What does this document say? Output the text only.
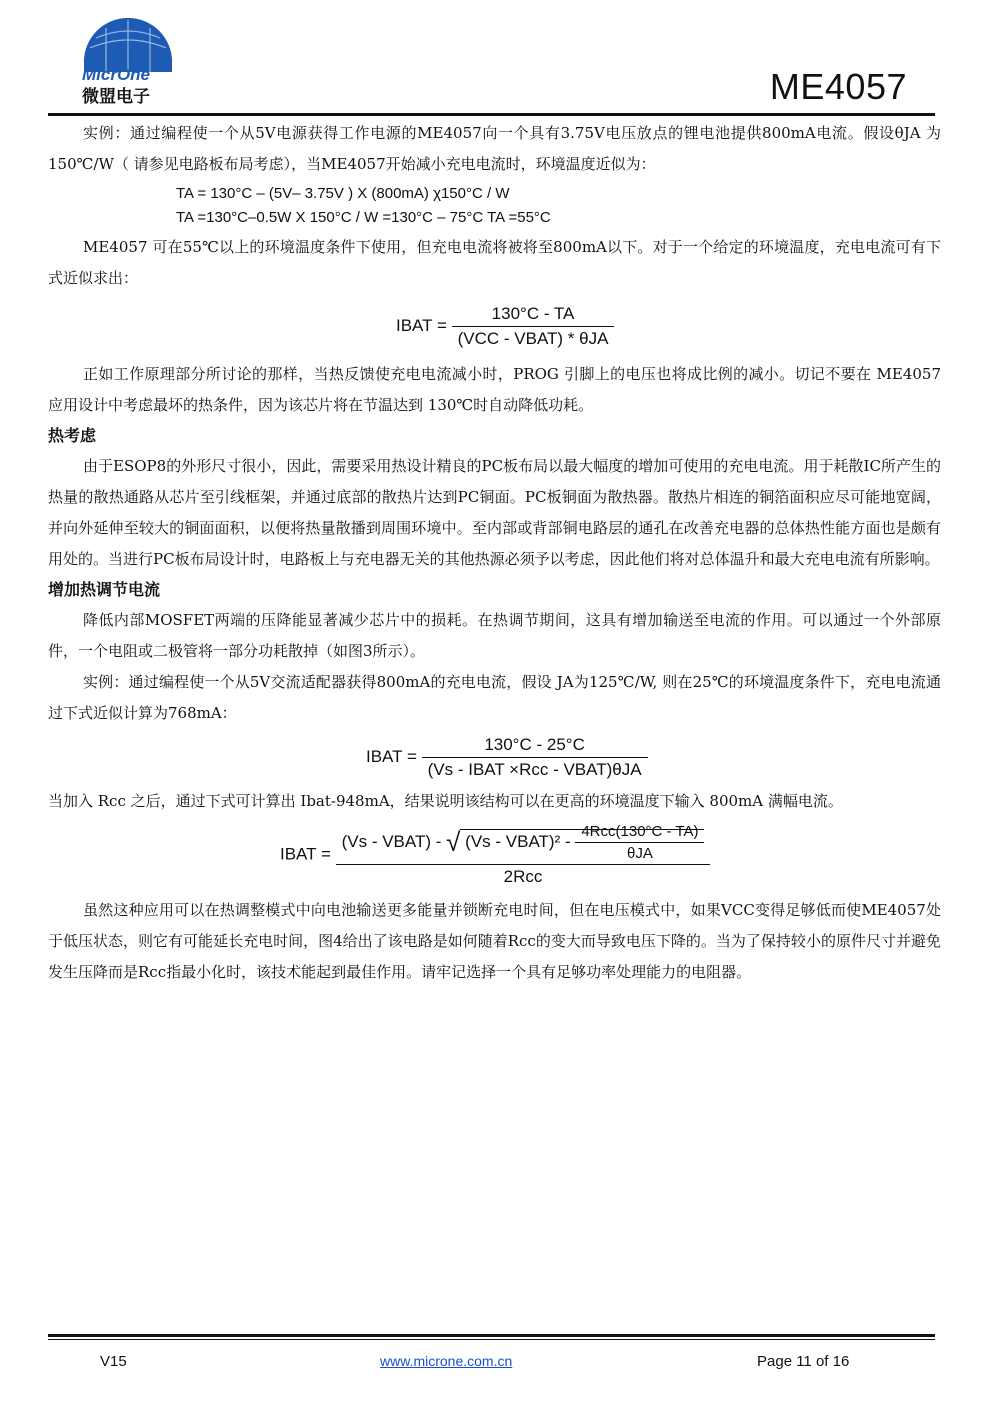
MicrOne
微盟电子	ME4057

实例：通过编程使一个从5V电源获得工作电源的ME4057向一个具有3.75V电压放点的锂电池提供800mA电流。假设θJA 为150℃/W（ 请参见电路板布局考虑），当ME4057开始减小充电电流时，环境温度近似为：

TA = 130°C – (5V– 3.75V ) X (800mA) χ150°C / W
TA =130°C–0.5W X 150°C / W =130°C – 75°C TA =55°C

ME4057 可在55℃以上的环境温度条件下使用，但充电电流将被将至800mA以下。对于一个给定的环境温度，充电电流可有下式近似求出：

IBAT = $\frac{130^\circ C - TA}{\text{(VCC - VBAT) * θJA}}$

正如工作原理部分所讨论的那样，当热反馈使充电电流减小时，PROG 引脚上的电压也将成比例的减小。切记不要在 ME4057 应用设计中考虑最坏的热条件，因为该芯片将在节温达到 130℃时自动降低功耗。

热考虑

由于ESOP8的外形尺寸很小，因此，需要采用热设计精良的PC板布局以最大幅度的增加可使用的充电电流。用于耗散IC所产生的热量的散热通路从芯片至引线框架，并通过底部的散热片达到PC铜面。PC板铜面为散热器。散热片相连的铜箔面积应尽可能地宽阔，并向外延伸至较大的铜面面积，以便将热量散播到周围环境中。至内部或背部铜电路层的通孔在改善充电器的总体热性能方面也是颇有用处的。当进行PC板布局设计时，电路板上与充电器无关的其他热源必须予以考虑，因此他们将对总体温升和最大充电电流有所影响。

增加热调节电流

降低内部MOSFET两端的压降能显著减少芯片中的损耗。在热调节期间，这具有增加输送至电流的作用。可以通过一个外部原件，一个电阻或二极管将一部分功耗散掉（如图3所示）。

实例：通过编程使一个从5V交流适配器获得800mA的充电电流，假设 JA为125℃/W, 则在25℃的环境温度条件下，充电电流通过下式近似计算为768mA：

IBAT = $\frac{130^\circ C - 25^\circ C}{\text{(Vs - IBAT ×Rcc - VBAT)θJA}}$

当加入 Rcc 之后，通过下式可计算出 Ibat-948mA，结果说明该结构可以在更高的环境温度下输入 800mA 满幅电流。

IBAT =
(Vs - VBAT) - √ (Vs - VBAT)² - $\frac{\text{4Rcc(130°C - TA)}}{\text{θJA}}$
2Rcc

虽然这种应用可以在热调整模式中向电池输送更多能量并锁断充电时间，但在电压模式中，如果VCC变得足够低而使ME4057处于低压状态，则它有可能延长充电时间，图4给出了该电路是如何随着Rcc的变大而导致电压下降的。当为了保持较小的原件尺寸并避免发生压降而是Rcc指最小化时，该技术能起到最佳作用。请牢记选择一个具有足够功率处理能力的电阻器。

V15	www.microne.com.cn	Page 11 of 16
